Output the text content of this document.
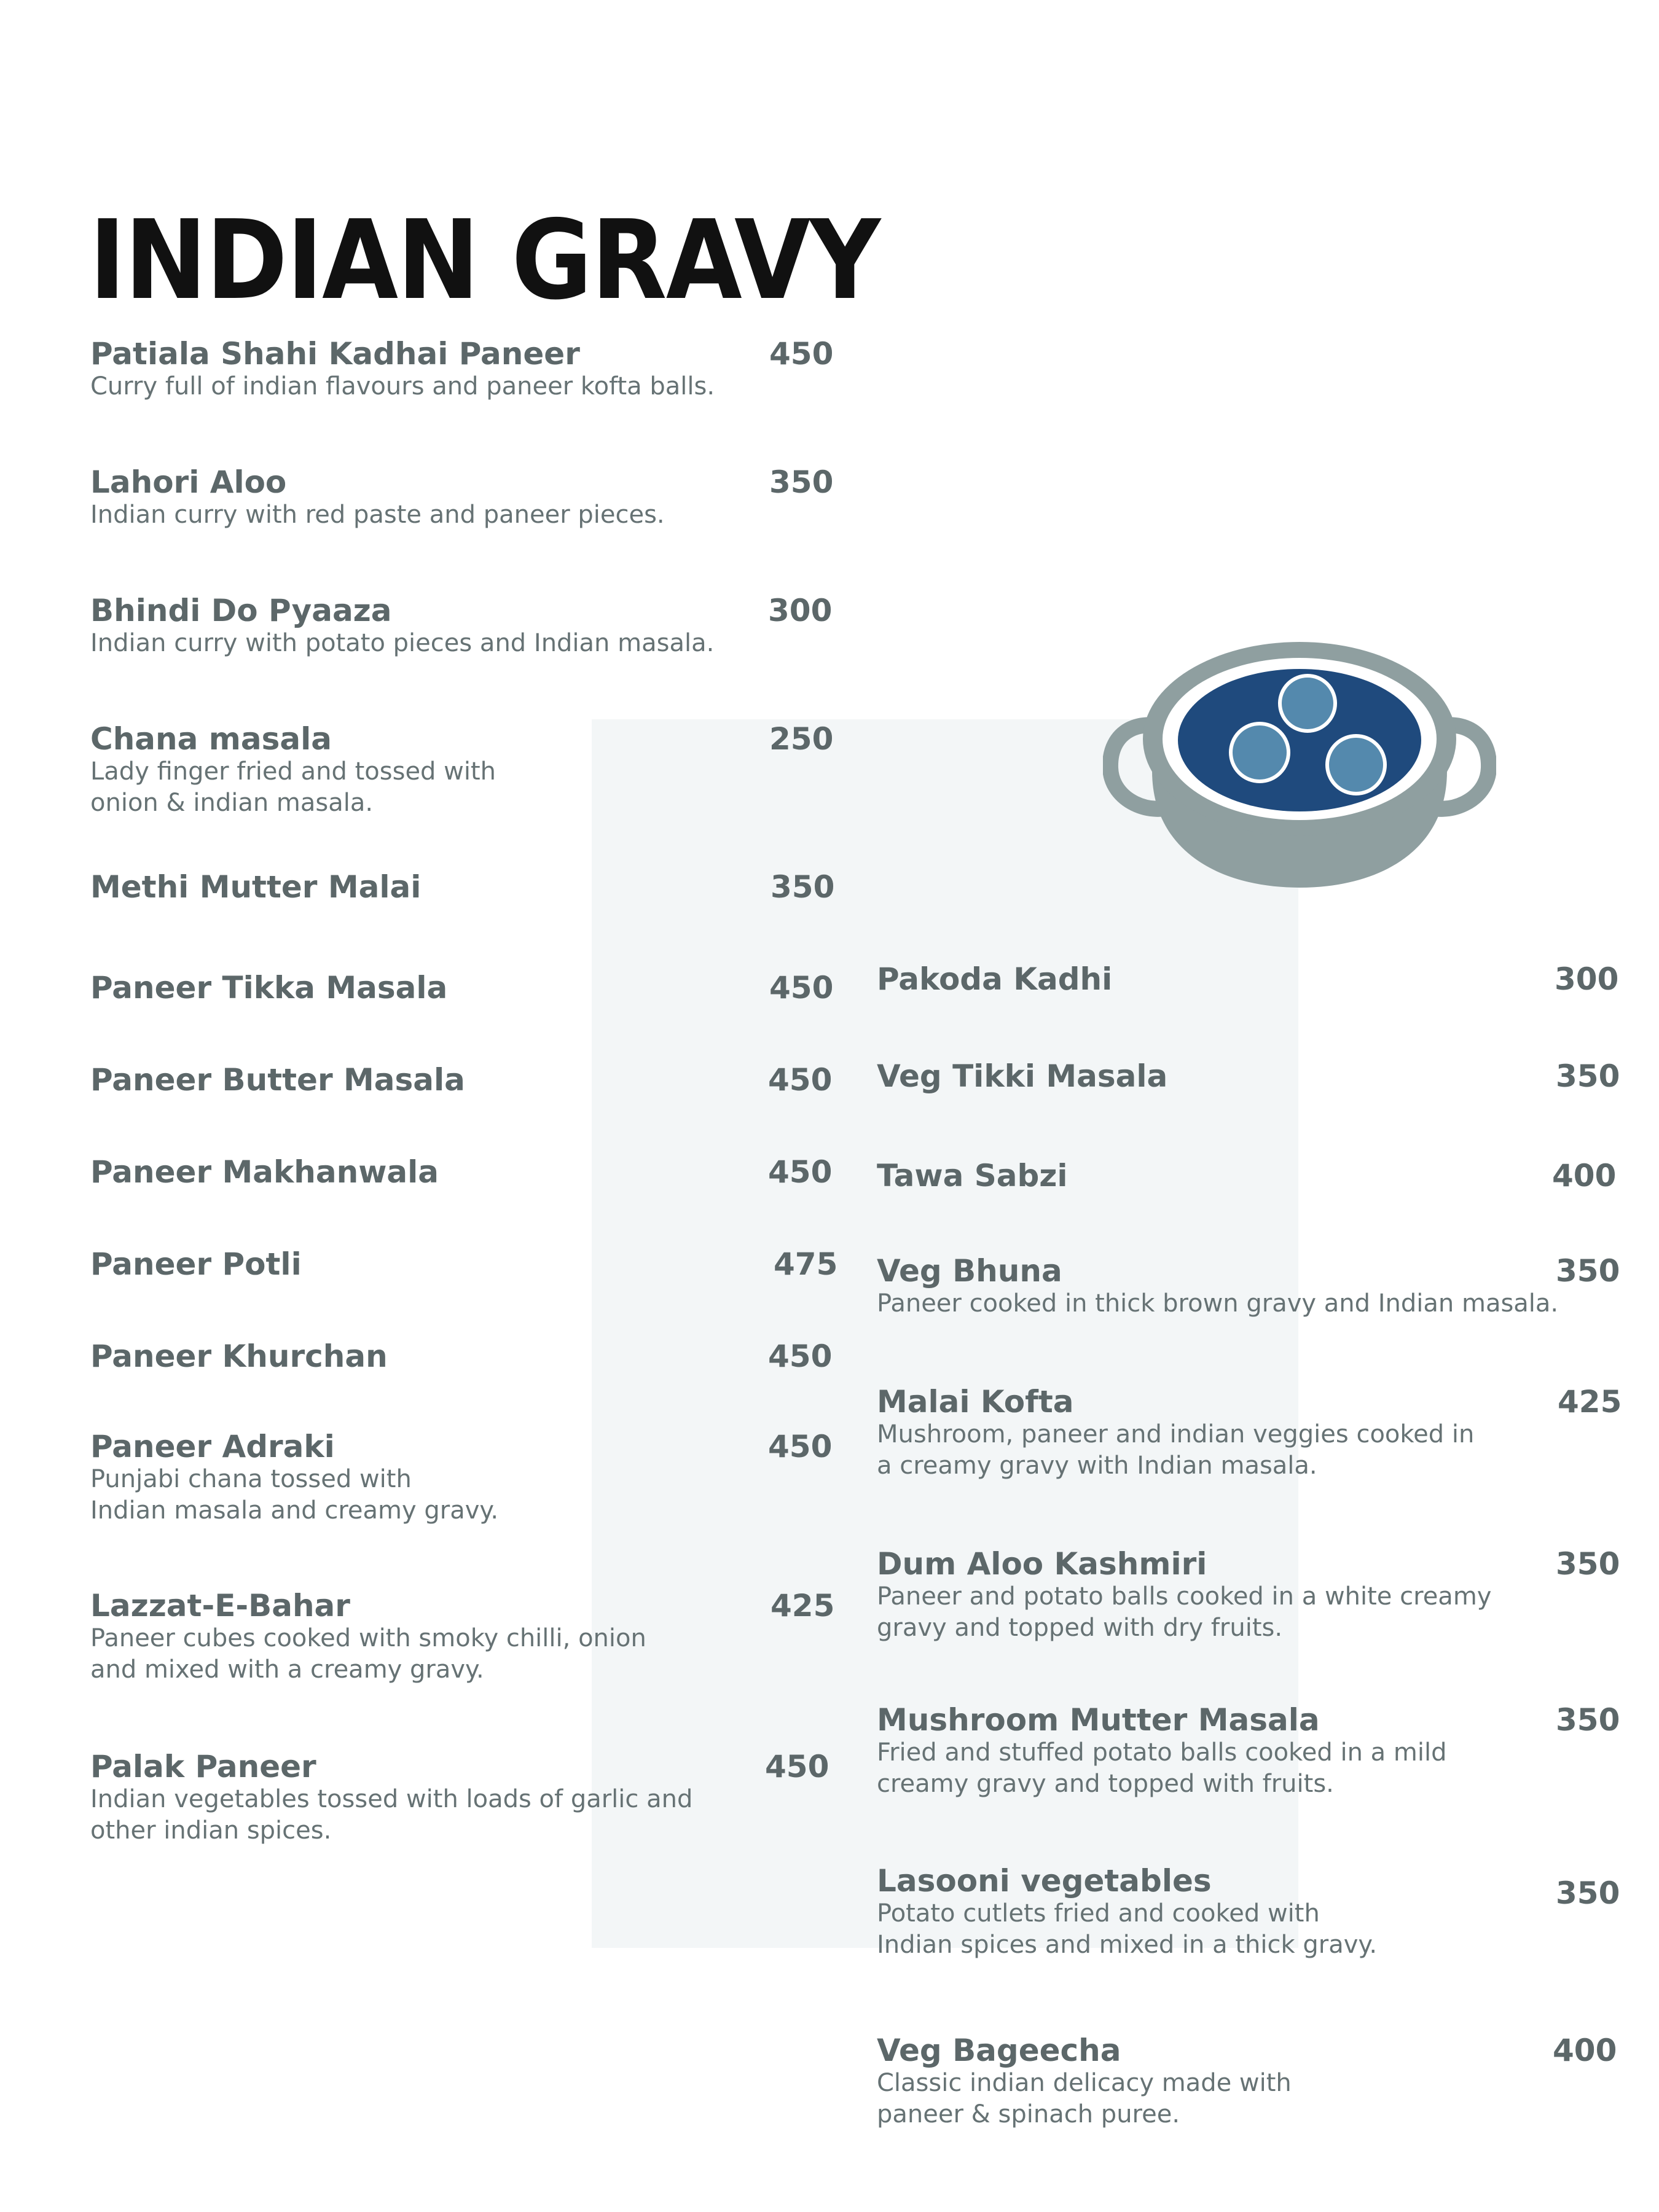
INDIAN GRAVY
Patiala Shahi Kadhai Paneer	450
Curry full of indian flavours and paneer kofta balls.
Lahori Aloo	350
Indian curry with red paste and paneer pieces.
Bhindi Do Pyaaza	300
Indian curry with potato pieces and Indian masala.
Chana masala	250
Lady finger fried and tossed with
onion & indian masala.
Methi Mutter Malai	350
Paneer Tikka Masala	450
Paneer Butter Masala	450
Paneer Makhanwala	450
Paneer Potli	475
Paneer Khurchan	450
Paneer Adraki	450
Punjabi chana tossed with
Indian masala and creamy gravy.
Lazzat-E-Bahar	425
Paneer cubes cooked with smoky chilli, onion
and mixed with a creamy gravy.
Palak Paneer	450
Indian vegetables tossed with loads of garlic and
other indian spices.
Pakoda Kadhi	300
Veg Tikki Masala	350
Tawa Sabzi	400
Veg Bhuna	350
Paneer cooked in thick brown gravy and Indian masala.
Malai Kofta	425
Mushroom, paneer and indian veggies cooked in
a creamy gravy with Indian masala.
Dum Aloo Kashmiri	350
Paneer and potato balls cooked in a white creamy
gravy and topped with dry fruits.
Mushroom Mutter Masala	350
Fried and stuffed potato balls cooked in a mild
creamy gravy and topped with fruits.
Lasooni vegetables	350
Potato cutlets fried and cooked with
Indian spices and mixed in a thick gravy.
Veg Bageecha	400
Classic indian delicacy made with
paneer & spinach puree.
